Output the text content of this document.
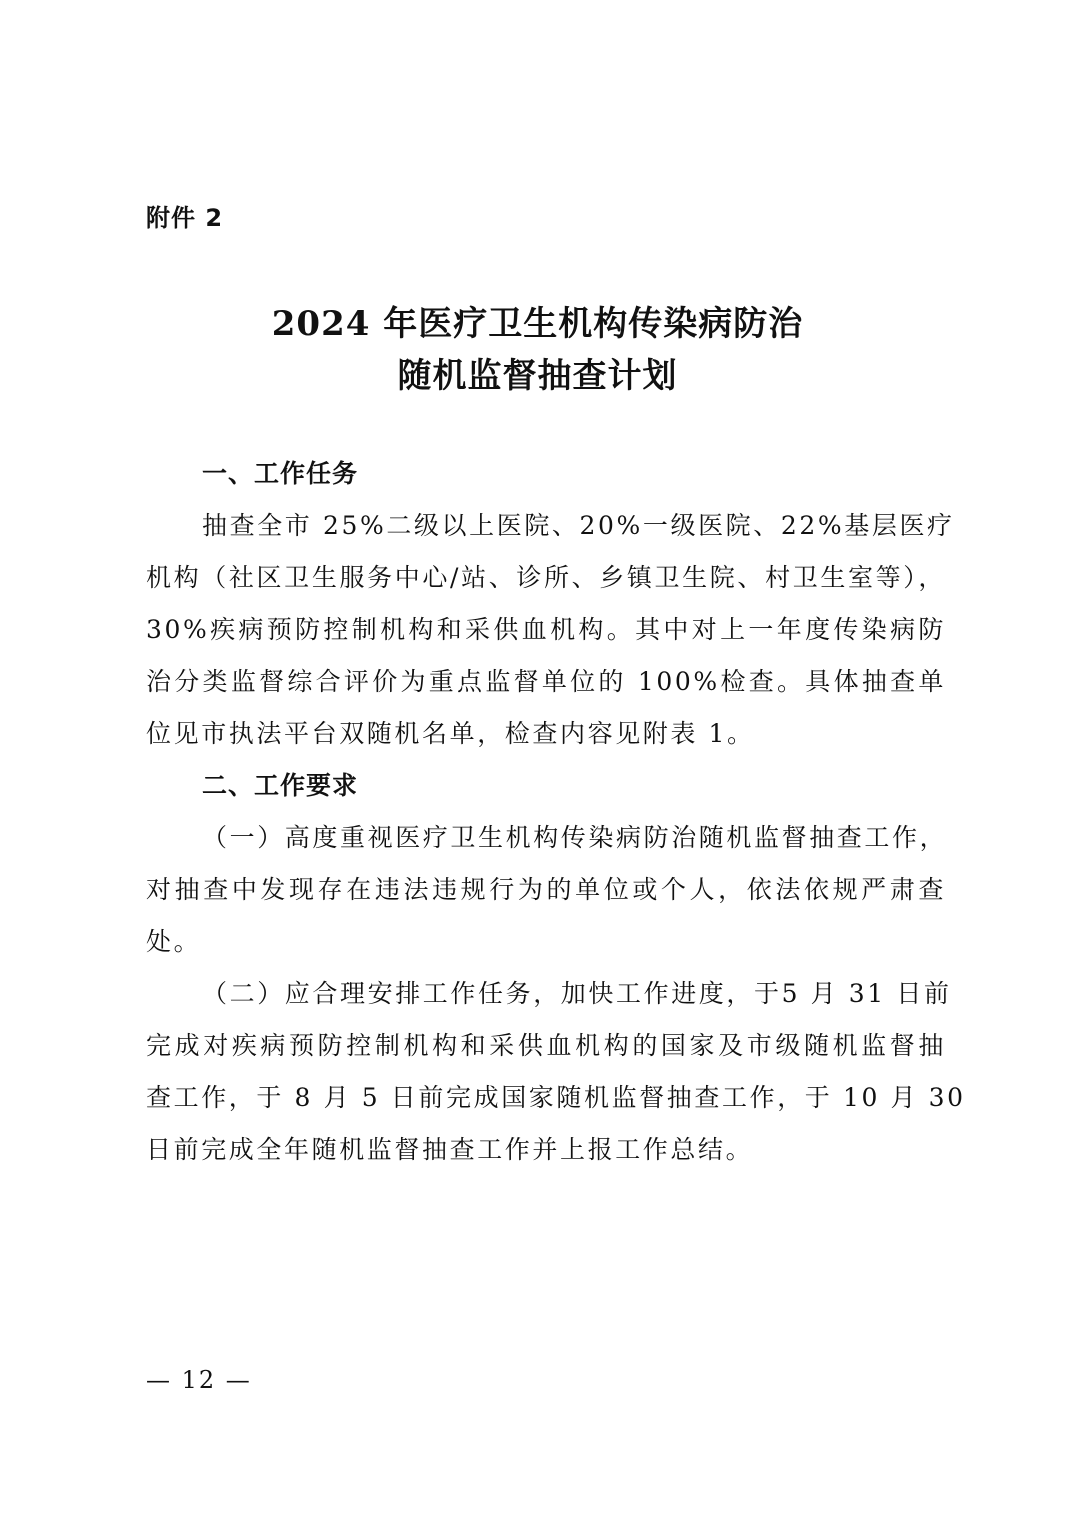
附件 2
2024 年医疗卫生机构传染病防治
随机监督抽查计划
一、工作任务
抽查全市 25%二级以上医院、20%一级医院、22%基层医疗
机构（社区卫生服务中心/站、诊所、乡镇卫生院、村卫生室等），
30%疾病预防控制机构和采供血机构。其中对上一年度传染病防
治分类监督综合评价为重点监督单位的 100%检查。具体抽查单
位见市执法平台双随机名单，检查内容见附表 1。
二、工作要求
（一）高度重视医疗卫生机构传染病防治随机监督抽查工作，
对抽查中发现存在违法违规行为的单位或个人，依法依规严肃查
处。
（二）应合理安排工作任务，加快工作进度，于5 月 31 日前
完成对疾病预防控制机构和采供血机构的国家及市级随机监督抽
查工作，于 8 月 5 日前完成国家随机监督抽查工作，于 10 月 30
日前完成全年随机监督抽查工作并上报工作总结。
— 12 —
